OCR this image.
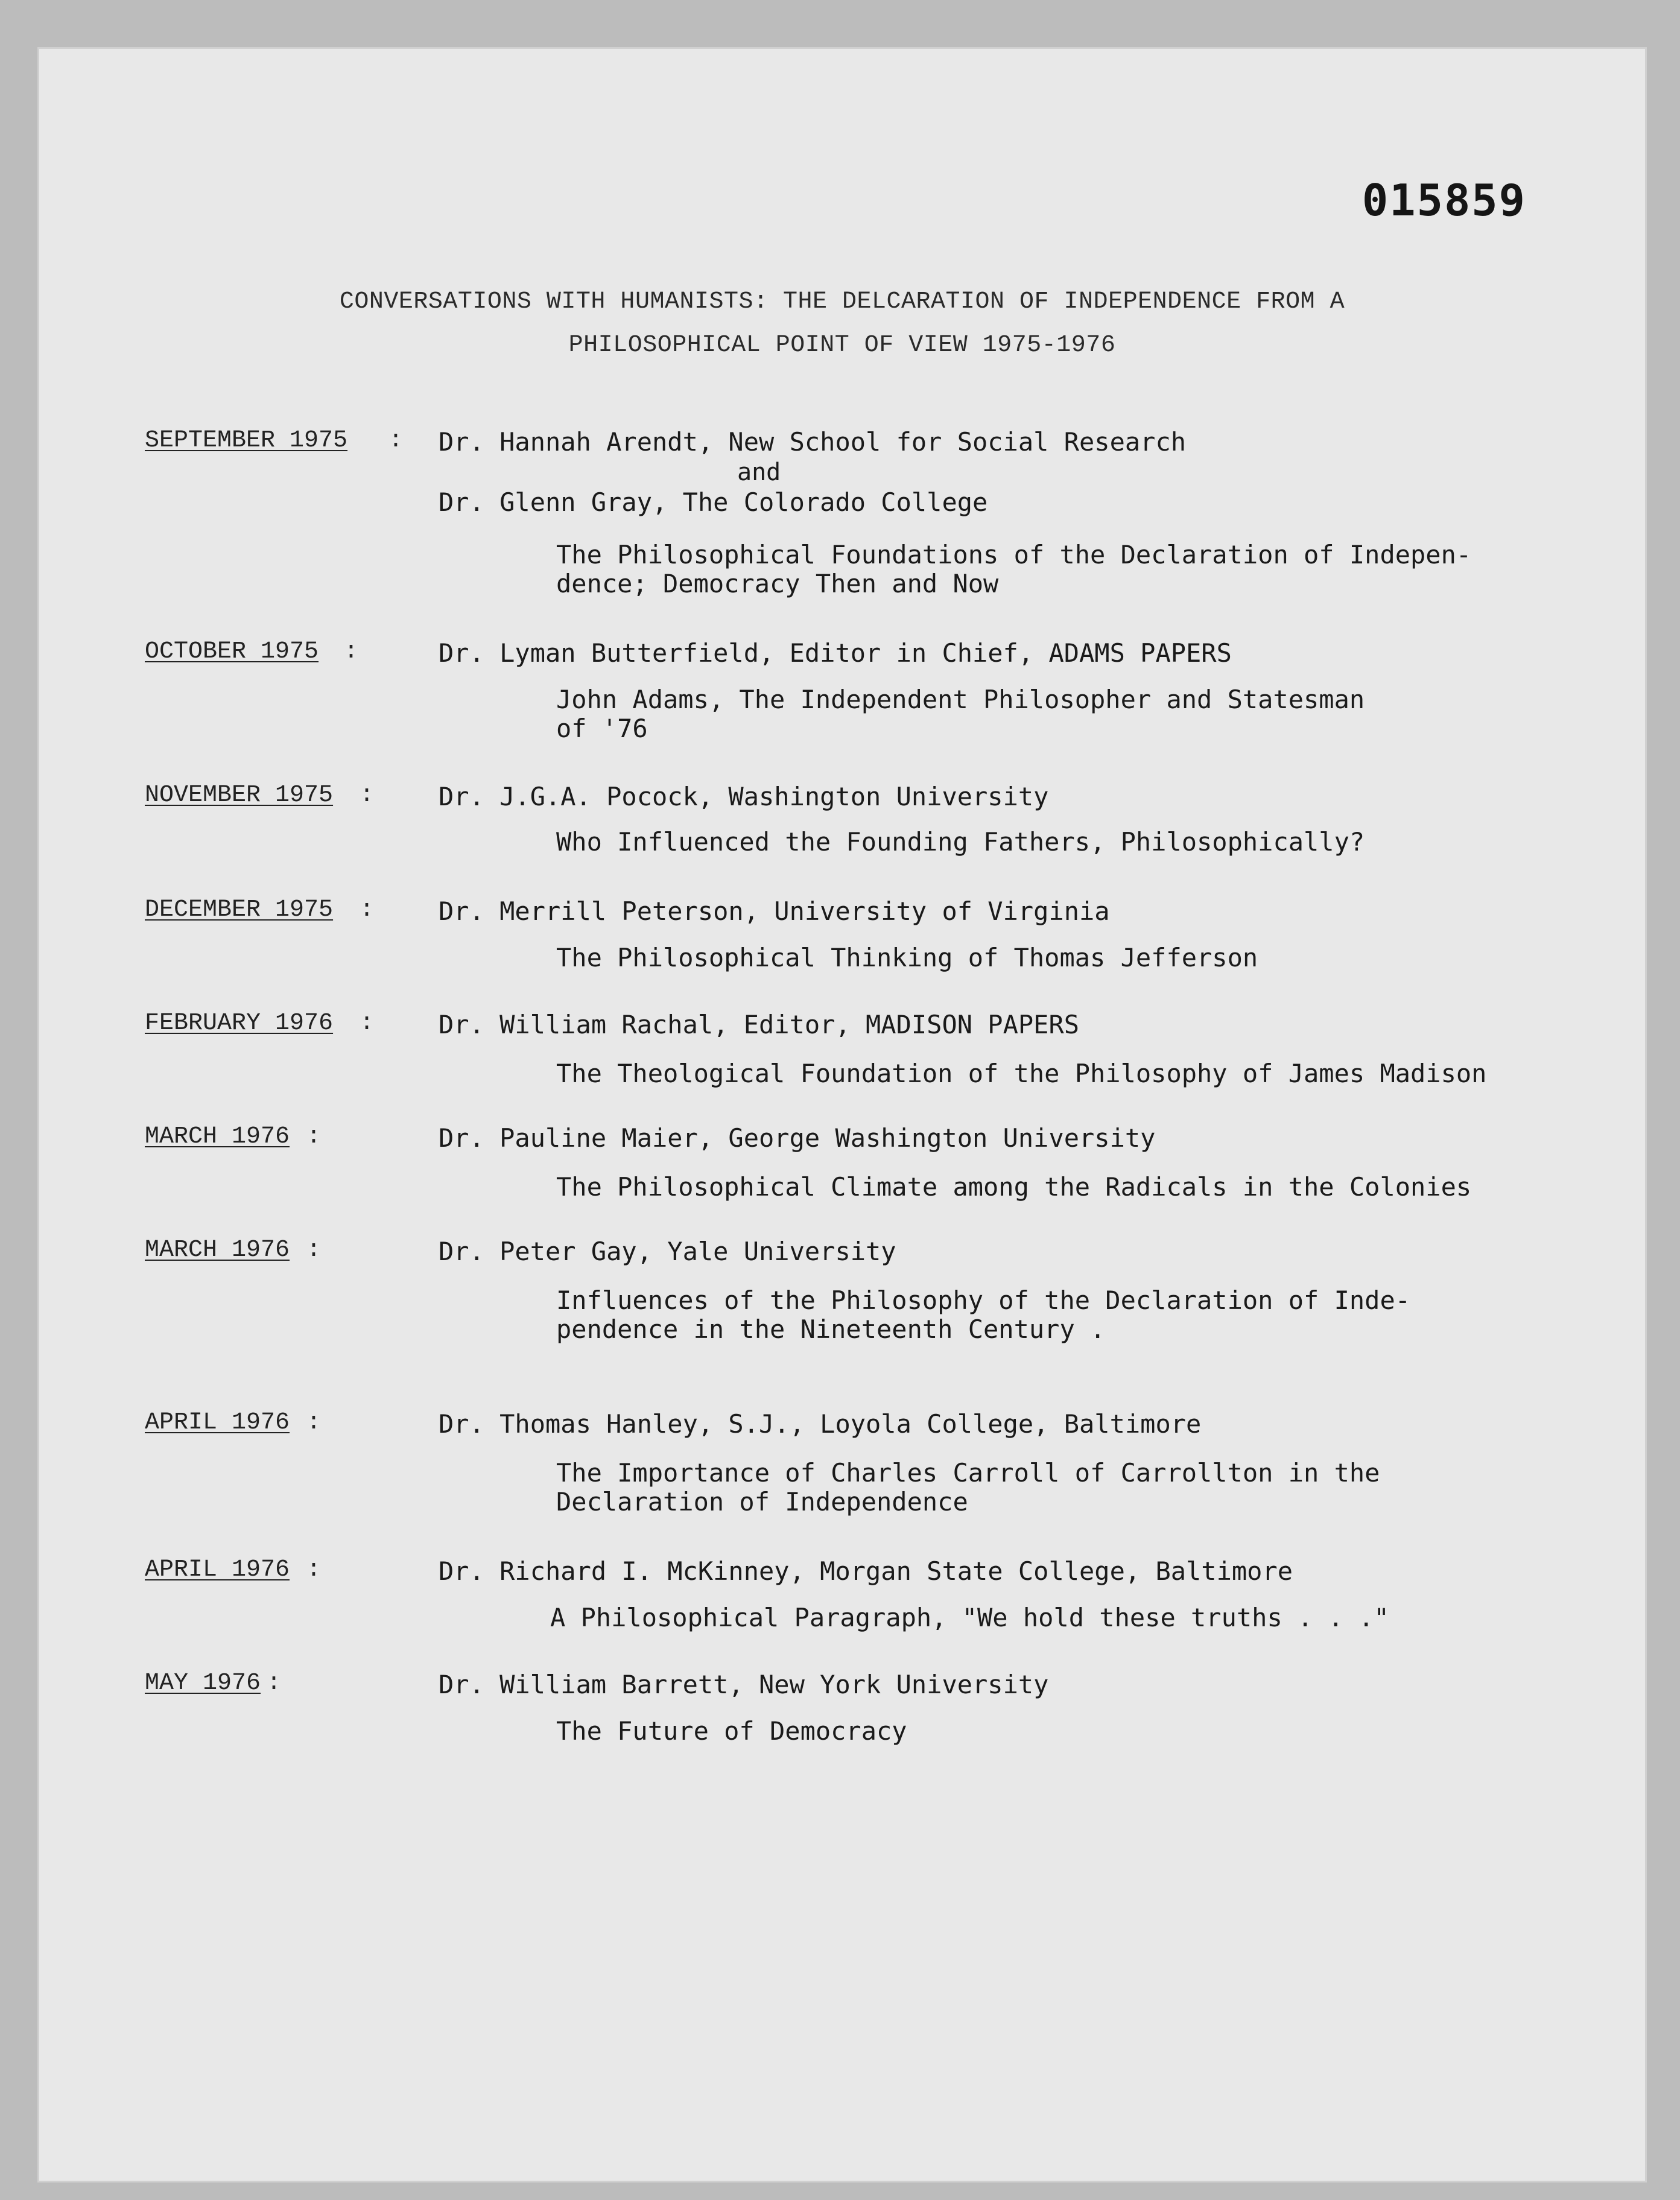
015859
CONVERSATIONS WITH HUMANISTS: THE DELCARATION OF INDEPENDENCE FROM A
PHILOSOPHICAL POINT OF VIEW 1975-1976
SEPTEMBER 1975 : Dr. Hannah Arendt, New School for Social Research
and
Dr. Glenn Gray, The Colorado College
The Philosophical Foundations of the Declaration of Indepen-
dence; Democracy Then and Now
OCTOBER 1975 :	Dr. Lyman Butterfield, Editor in Chief, ADAMS PAPERS
John Adams, The Independent Philosopher and Statesman
of '76
NOVEMBER 1975 :	Dr. J.G.A. Pocock, Washington University
Who Influenced the Founding Fathers, Philosophically?
DECEMBER 1975 :	Dr. Merrill Peterson, University of Virginia
The Philosophical Thinking of Thomas Jefferson
FEBRUARY 1976 :	Dr. William Rachal, Editor, MADISON PAPERS
The Theological Foundation of the Philosophy of James Madison
MARCH 1976 :	Dr. Pauline Maier, George Washington University
The Philosophical Climate among the Radicals in the Colonies
MARCH 1976 :	Dr. Peter Gay, Yale University
Influences of the Philosophy of the Declaration of Inde-
pendence in the Nineteenth Century .
APRIL 1976 :	Dr. Thomas Hanley, S.J., Loyola College, Baltimore
The Importance of Charles Carroll of Carrollton in the
Declaration of Independence
APRIL 1976 :	Dr. Richard I. McKinney, Morgan State College, Baltimore
A Philosophical Paragraph, "We hold these truths . . ."
MAY 1976 :	Dr. William Barrett, New York University
The Future of Democracy
